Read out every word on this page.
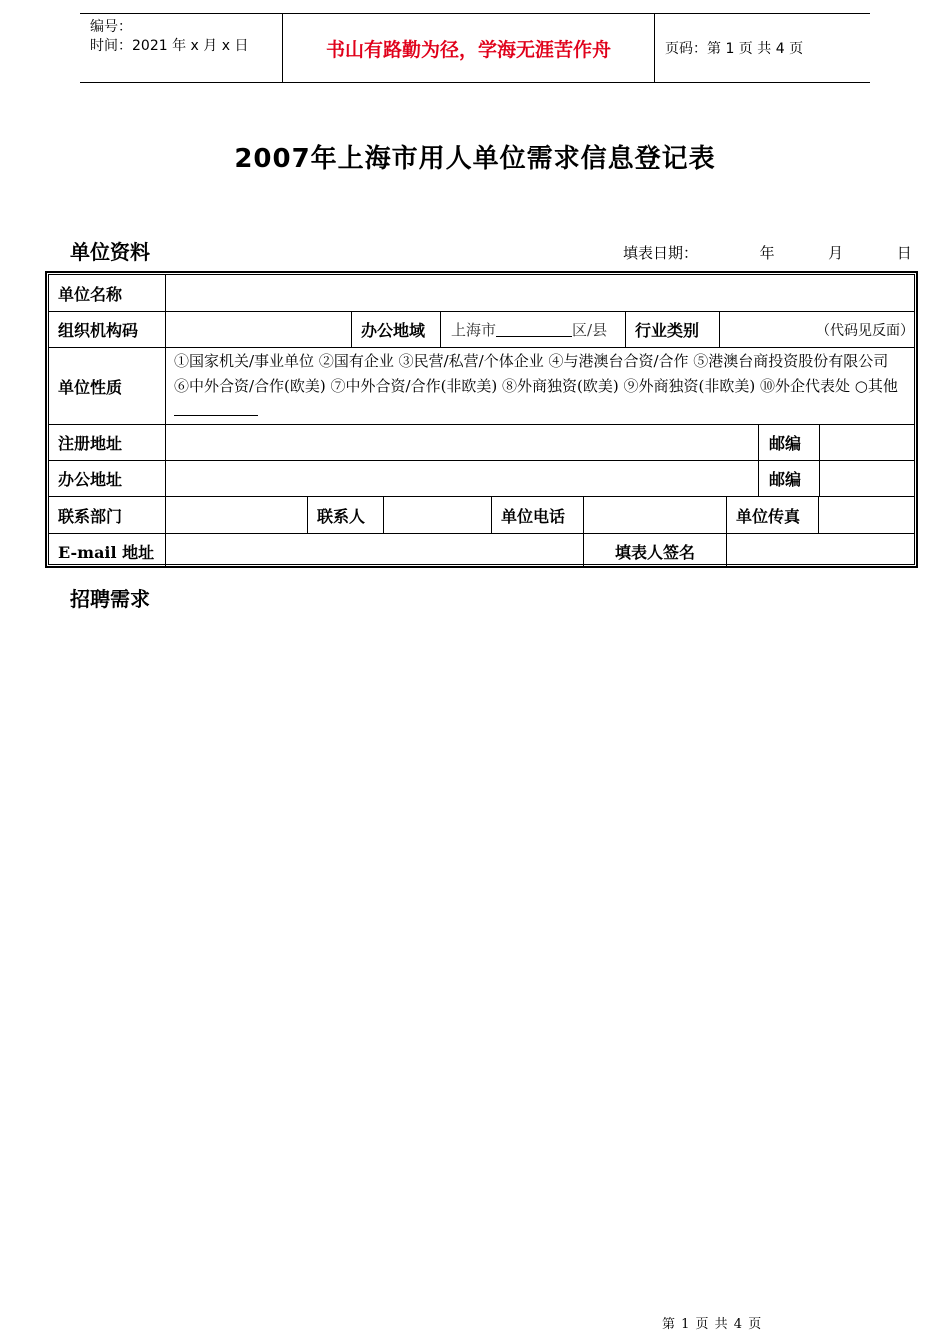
编号：
时间：2021 年 x 月 x 日	书山有路勤为径，学海无涯苦作舟	页码：第 1 页 共 4 页
2007年上海市用人单位需求信息登记表
单位资料	填表日期：	年	月	日
单位名称
组织机构码	办公地域	上海市	区/县	行业类别	（代码见反面）
单位性质
①国家机关/事业单位 ②国有企业 ③民营/私营/个体企业 ④与港澳台合资/合作 ⑤港澳台商投资股份有限公司 ⑥中外合资/合作(欧美) ⑦中外合资/合作(非欧美) ⑧外商独资(欧美) ⑨外商独资(非欧美) ⑩外企代表处 ○其他
注册地址	邮编
办公地址	邮编
联系部门	联系人	单位电话	单位传真
E-mail 地址	填表人签名
招聘需求
第 1 页 共 4 页
